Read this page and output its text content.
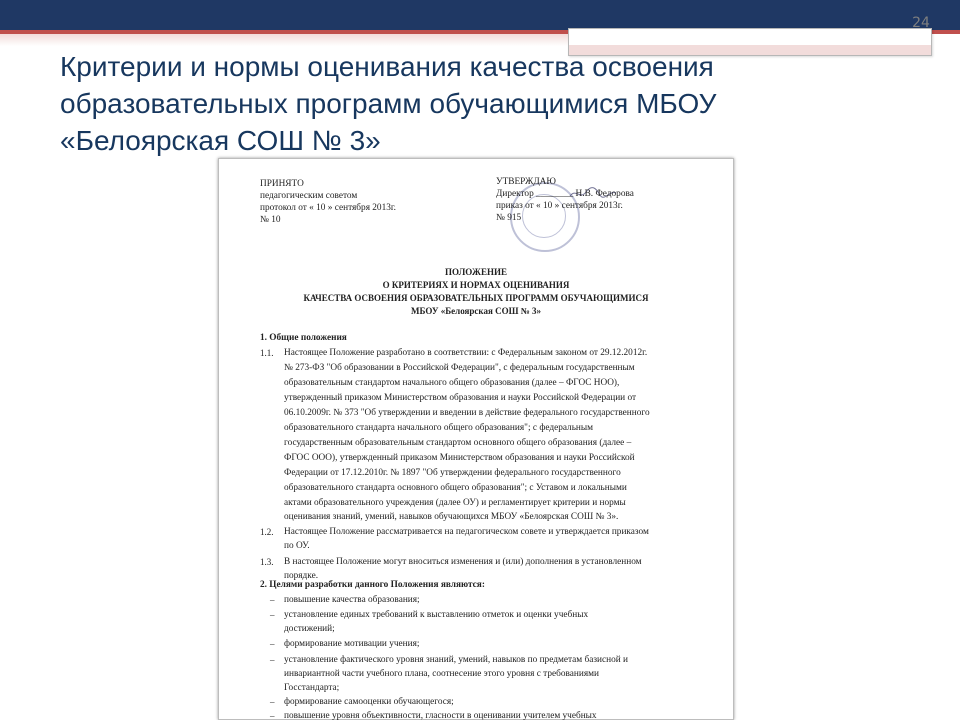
24
Критерии и нормы оценивания качества освоения
образовательных программ обучающимися МБОУ
«Белоярская СОШ № 3»
ПРИНЯТО
педагогическим советом
протокол от « 10 » сентября 2013г.
№ 10
УТВЕРЖДАЮ
Директор ________ Н.В. Федорова
приказ от « 10 » сентября 2013г.
№ 915
ПОЛОЖЕНИЕ
О КРИТЕРИЯХ И НОРМАХ ОЦЕНИВАНИЯ
КАЧЕСТВА ОСВОЕНИЯ ОБРАЗОВАТЕЛЬНЫХ ПРОГРАММ ОБУЧАЮЩИМИСЯ
МБОУ «Белоярская СОШ № 3»
1. Общие положения
1.1. Настоящее Положение разработано в соответствии: с Федеральным законом от 29.12.2012г.
№ 273-ФЗ "Об образовании в Российской Федерации", с федеральным государственным
образовательным стандартом начального общего образования (далее – ФГОС НОО),
утвержденный приказом Министерством образования и науки Российской Федерации от
06.10.2009г. № 373 "Об утверждении и введении в действие федерального государственного
образовательного стандарта начального общего образования"; с федеральным
государственным образовательным стандартом основного общего образования (далее –
ФГОС ООО), утвержденный приказом Министерством образования и науки Российской
Федерации от 17.12.2010г. № 1897 "Об утверждении федерального государственного
образовательного стандарта основного общего образования"; с Уставом и локальными
актами образовательного учреждения (далее ОУ) и регламентирует критерии и нормы
оценивания знаний, умений, навыков обучающихся МБОУ «Белоярская СОШ № 3».
1.2. Настоящее Положение рассматривается на педагогическом совете и утверждается приказом
по ОУ.
1.3. В настоящее Положение могут вноситься изменения и (или) дополнения в установленном
порядке.
2. Целями разработки данного Положения являются:
– повышение качества образования;
– установление единых требований к выставлению отметок и оценки учебных
достижений;
– формирование мотивации учения;
– установление фактического уровня знаний, умений, навыков по предметам базисной и
инвариантной части учебного плана, соотнесение этого уровня с требованиями
Госстандарта;
– формирование самооценки обучающегося;
– повышение уровня объективности, гласности в оценивании учителем учебных
